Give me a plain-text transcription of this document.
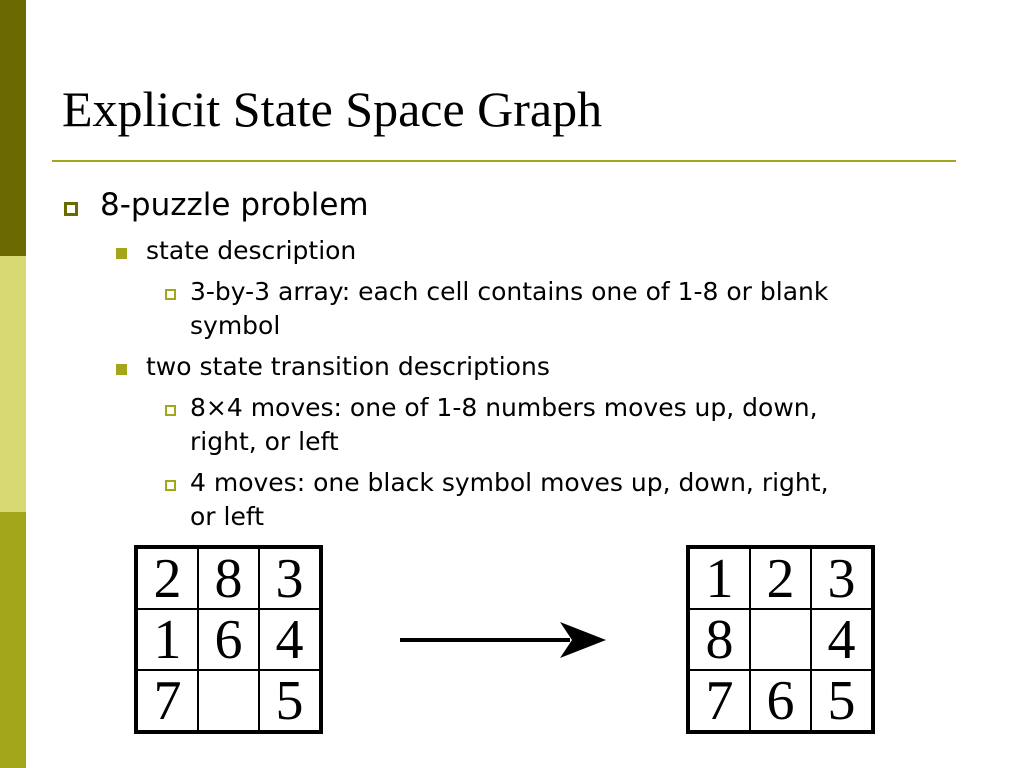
Explicit State Space Graph

8-puzzle problem

state description

3-by-3 array: each cell contains one of 1-8 or blank

symbol

two state transition descriptions

8×4 moves: one of 1-8 numbers moves up, down,

right, or left

4 moves: one black symbol moves up, down, right,

or left

2 8 3
1 6 4
7 5
1 2 3
8 4
7 6 5
